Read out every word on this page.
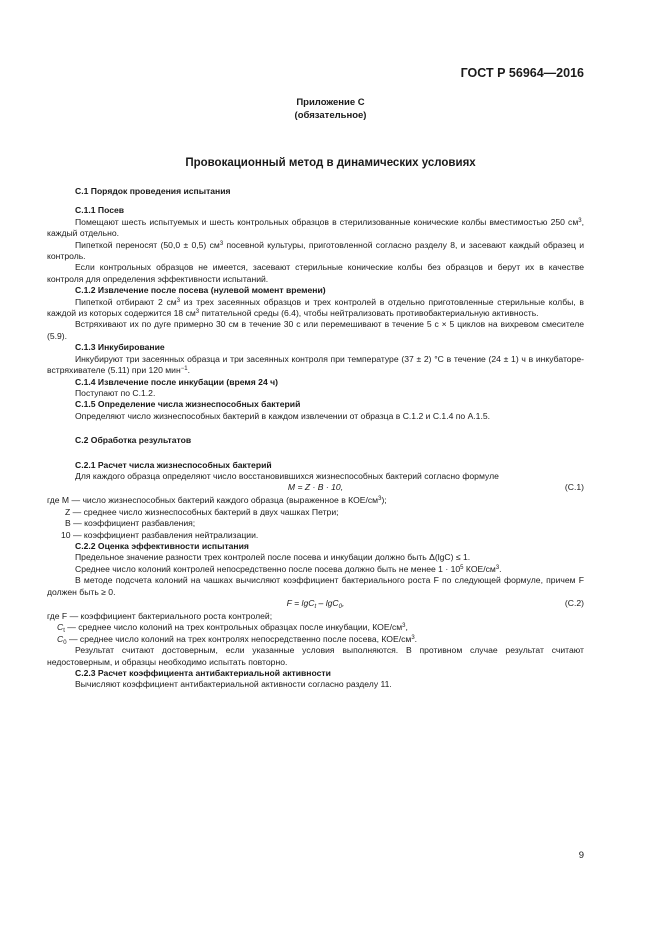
ГОСТ Р 56964—2016
Приложение С
(обязательное)
Провокационный метод в динамических условиях

С.1 Порядок проведения испытания

С.1.1 Посев

Помещают шесть испытуемых и шесть контрольных образцов в стерилизованные конические колбы вместимостью 250 $см^3$, каждый отдельно.

Пипеткой переносят (50,0 ± 0,5) $см^3$ посевной культуры, приготовленной согласно разделу 8, и засевают каждый образец и контроль.

Если контрольных образцов не имеется, засевают стерильные конические колбы без образцов и берут их в качестве контроля для определения эффективности испытаний.

С.1.2 Извлечение после посева (нулевой момент времени)

Пипеткой отбирают 2 $см^3$ из трех засеянных образцов и трех контролей в отдельно приготовленные стерильные колбы, в каждой из которых содержится 18 $см^3$ питательной среды (6.4), чтобы нейтрализовать противобактериальную активность.

Встряхивают их по дуге примерно 30 см в течение 30 с или перемешивают в течение 5 с × 5 циклов на вихревом смесителе (5.9).

С.1.3 Инкубирование

Инкубируют три засеянных образца и три засеянных контроля при температуре (37 ± 2) °С в течение (24 ± 1) ч в инкубаторе-встряхивателе (5.11) при 120 мин$^{-1}$.

С.1.4 Извлечение после инкубации (время 24 ч)

Поступают по С.1.2.

С.1.5 Определение числа жизнеспособных бактерий

Определяют число жизнеспособных бактерий в каждом извлечении от образца в С.1.2 и С.1.4 по А.1.5.

С.2 Обработка результатов

С.2.1 Расчет числа жизнеспособных бактерий

Для каждого образца определяют число восстановившихся жизнеспособных бактерий согласно формуле

M = Z · B · 10,	(С.1)

где M — число жизнеспособных бактерий каждого образца (выраженное в КОЕ/$см^3$);

Z — среднее число жизнеспособных бактерий в двух чашках Петри;

B — коэффициент разбавления;

10 — коэффициент разбавления нейтрализации.

С.2.2 Оценка эффективности испытания

Предельное значение разности трех контролей после посева и инкубации должно быть Δ(lgC) ≤ 1.

Среднее число колоний контролей непосредственно после посева должно быть не менее $1 \cdot 10^5$ КОЕ/$см^3$.

В методе подсчета колоний на чашках вычисляют коэффициент бактериального роста F по следующей формуле, причем F должен быть ≥ 0.

F = lgC$_t$ – lgC$_0$,	(С.2)

где F — коэффициент бактериального роста контролей;

$C_t$ — среднее число колоний на трех контрольных образцах после инкубации, КОЕ/$см^3$,

$C_0$ — среднее число колоний на трех контролях непосредственно после посева, КОЕ/$см^3$.

Результат считают достоверным, если указанные условия выполняются. В противном случае результат считают недостоверным, и образцы необходимо испытать повторно.

С.2.3 Расчет коэффициента антибактериальной активности

Вычисляют коэффициент антибактериальной активности согласно разделу 11.

9
